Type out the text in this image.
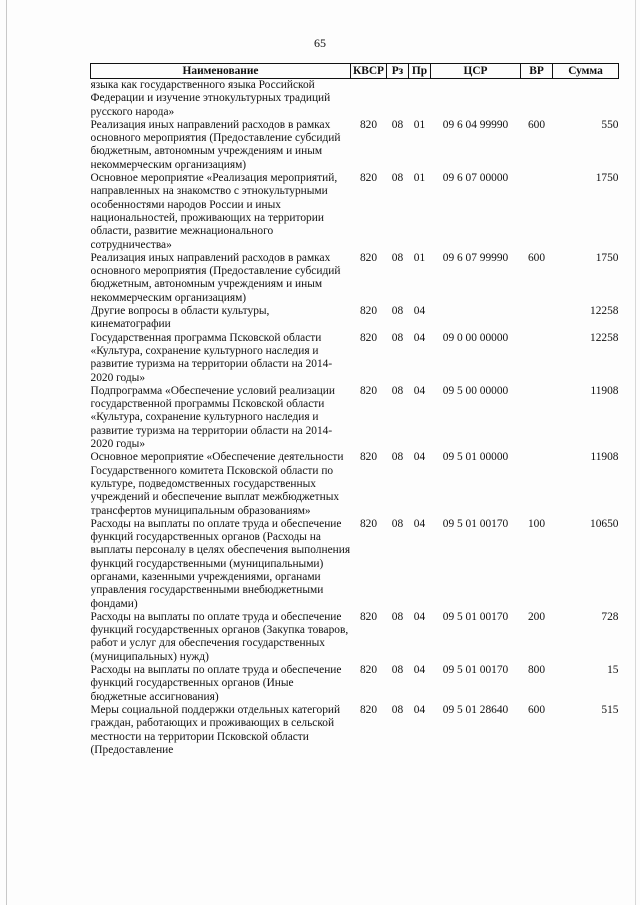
65
Наименование	КВСР	Рз	Пр	ЦСР	ВР	Сумма
языка как государственного языка Российской Федерации и изучение этнокультурных традиций русского народа»						
Реализация иных направлений расходов в рамках основного мероприятия (Предоставление субсидий бюджетным, автономным учреждениям и иным некоммерческим организациям)	820	08	01	09 6 04 99990	600	550
Основное мероприятие «Реализация мероприятий, направленных на знакомство с этнокультурными особенностями народов России и иных национальностей, проживающих на территории области, развитие межнационального сотрудничества»	820	08	01	09 6 07 00000		1750
Реализация иных направлений расходов в рамках основного мероприятия (Предоставление субсидий бюджетным, автономным учреждениям и иным некоммерческим организациям)	820	08	01	09 6 07 99990	600	1750
Другие вопросы в области культуры, кинематографии	820	08	04			12258
Государственная программа Псковской области «Культура, сохранение культурного наследия и развитие туризма на территории области на 2014-2020 годы»	820	08	04	09 0 00 00000		12258
Подпрограмма «Обеспечение условий реализации государственной программы Псковской области «Культура, сохранение культурного наследия и развитие туризма на территории области на 2014-2020 годы»	820	08	04	09 5 00 00000		11908
Основное мероприятие «Обеспечение деятельности Государственного комитета Псковской области по культуре, подведомственных государственных учреждений и обеспечение выплат межбюджетных трансфертов муниципальным образованиям»	820	08	04	09 5 01 00000		11908
Расходы на выплаты по оплате труда и обеспечение функций государственных органов (Расходы на выплаты персоналу в целях обеспечения выполнения функций государственными (муниципальными) органами, казенными учреждениями, органами управления государственными внебюджетными фондами)	820	08	04	09 5 01 00170	100	10650
Расходы на выплаты по оплате труда и обеспечение функций государственных органов (Закупка товаров, работ и услуг для обеспечения государственных (муниципальных) нужд)	820	08	04	09 5 01 00170	200	728
Расходы на выплаты по оплате труда и обеспечение функций государственных органов (Иные бюджетные ассигнования)	820	08	04	09 5 01 00170	800	15
Меры социальной поддержки отдельных категорий граждан, работающих и проживающих в сельской местности на территории Псковской области (Предоставление	820	08	04	09 5 01 28640	600	515
